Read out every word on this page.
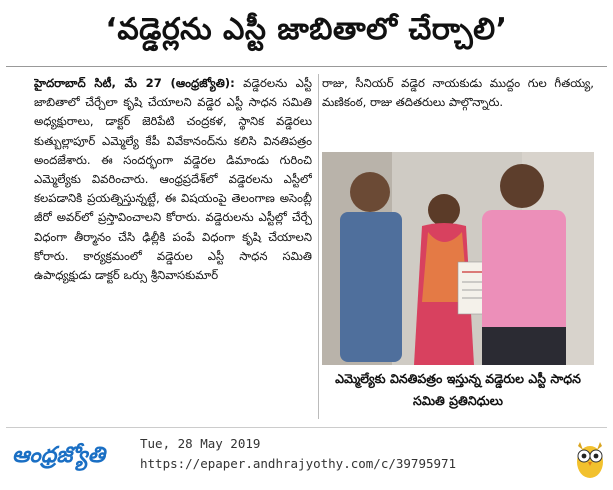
‘వడ్డెర్లను ఎస్టీ జాబితాలో చేర్చాలి’

హైదరాబాద్ సిటీ, మే 27 (ఆంధ్రజ్యోతి): వడ్డెరలను ఎస్టీ జాబితాలో చేర్చేలా కృషి చేయాలని వడ్డెర ఎస్టీ సాధన సమితి అధ్యక్షురాలు, డాక్టర్ జెరిపేటి చంద్రకళ, స్థానిక వడ్డెరలు కుత్బుల్లాపూర్ ఎమ్మెల్యే కేపీ వివేకానంద్‌ను కలిసి వినతిపత్రం అందజేశారు. ఈ సందర్భంగా వడ్డెరల డిమాండు గురించి ఎమ్మెల్యేకు వివరించారు. ఆంధ్రప్రదేశ్‌లో వడ్డెరలను ఎస్టీలో కలపడానికి ప్రయత్నిస్తున్నట్టే, ఈ విషయంపై తెలంగాణ అసెంబ్లీ జీరో అవర్‌లో ప్రస్తావించాలని కోరారు. వడ్డెరులను ఎస్టీల్లో చేర్చే విధంగా తీర్మానం చేసి ఢిల్లీకి పంపే విధంగా కృషి చేయాలని కోరారు. కార్యక్రమంలో వడ్డెరుల ఎస్టీ సాధన సమితి ఉపాధ్యక్షుడు డాక్టర్ ఒర్సు శ్రీనివాసకుమార్

రాజు, సీనియర్ వడ్డెర నాయకుడు ముద్దం గుల గీతయ్య, మణికంఠ, రాజు తదితరులు పాల్గొన్నారు.

ఎమ్మెల్యేకు వినతిపత్రం ఇస్తున్న వడ్డెరుల ఎస్టీ సాధన సమితి ప్రతినిధులు
ఆంధ్రజ్యోతి	Tue, 28 May 2019
https://epaper.andhrajyothy.com/c/39795971
